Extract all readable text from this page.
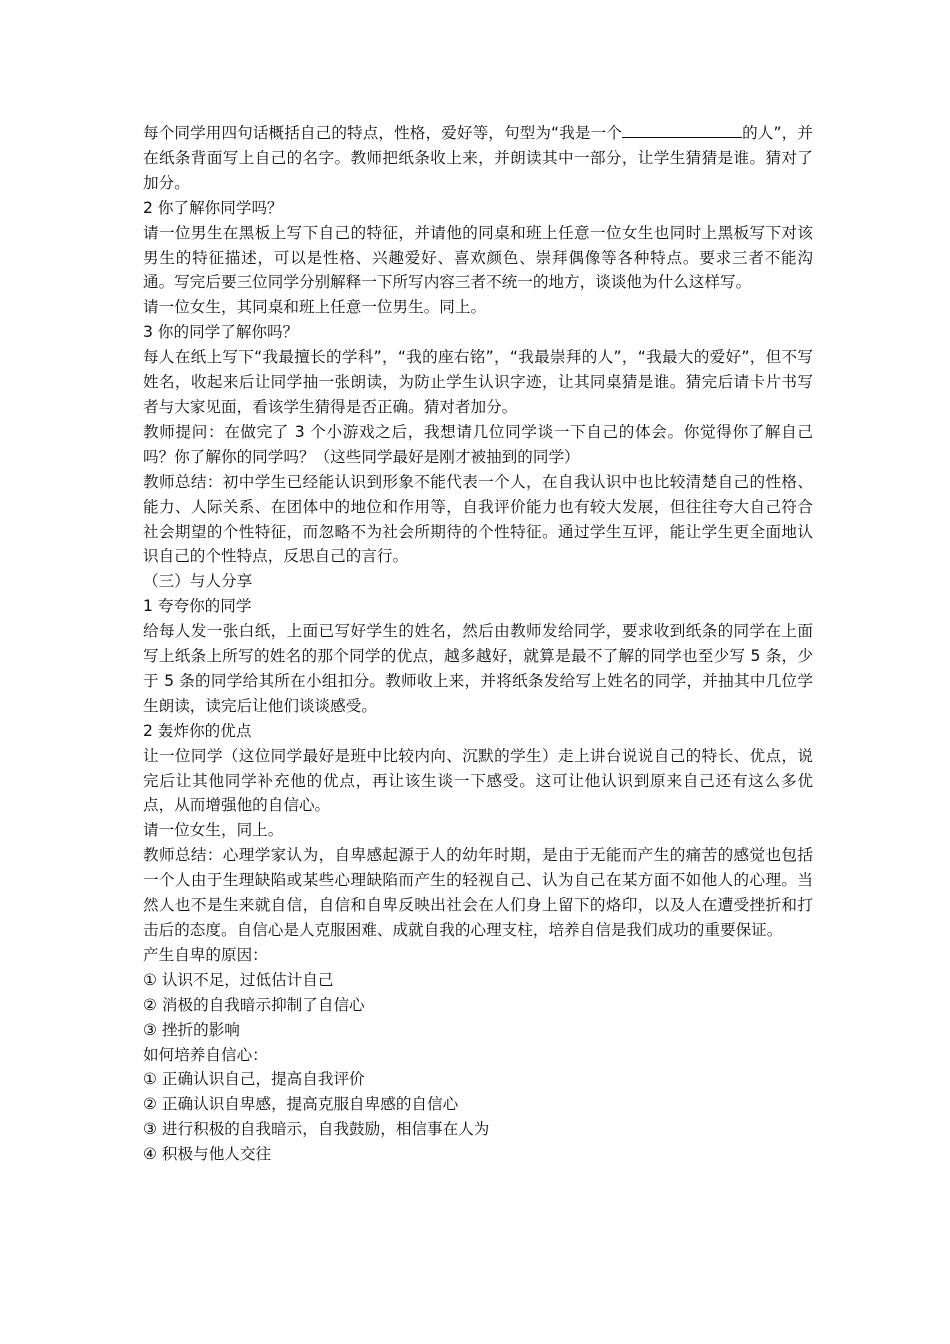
每个同学用四句话概括自己的特点，性格，爱好等，句型为“我是一个	的人”，并在纸条背面写上自己的名字。教师把纸条收上来，并朗读其中一部分，让学生猜猜是谁。猜对了加分。

2 你了解你同学吗？

请一位男生在黑板上写下自己的特征，并请他的同桌和班上任意一位女生也同时上黑板写下对该男生的特征描述，可以是性格、兴趣爱好、喜欢颜色、崇拜偶像等各种特点。要求三者不能沟通。写完后要三位同学分别解释一下所写内容三者不统一的地方，谈谈他为什么这样写。

请一位女生，其同桌和班上任意一位男生。同上。

3 你的同学了解你吗？

每人在纸上写下“我最擅长的学科”，“我的座右铭”，“我最崇拜的人”，“我最大的爱好”，但不写姓名，收起来后让同学抽一张朗读，为防止学生认识字迹，让其同桌猜是谁。猜完后请卡片书写者与大家见面，看该学生猜得是否正确。猜对者加分。

教师提问：在做完了 3 个小游戏之后，我想请几位同学谈一下自己的体会。你觉得你了解自己吗？你了解你的同学吗？（这些同学最好是刚才被抽到的同学）

教师总结：初中学生已经能认识到形象不能代表一个人，在自我认识中也比较清楚自己的性格、能力、人际关系、在团体中的地位和作用等，自我评价能力也有较大发展，但往往夸大自己符合社会期望的个性特征，而忽略不为社会所期待的个性特征。通过学生互评，能让学生更全面地认识自己的个性特点，反思自己的言行。

（三）与人分享

1 夸夸你的同学

给每人发一张白纸，上面已写好学生的姓名，然后由教师发给同学，要求收到纸条的同学在上面写上纸条上所写的姓名的那个同学的优点，越多越好，就算是最不了解的同学也至少写 5 条，少于 5 条的同学给其所在小组扣分。教师收上来，并将纸条发给写上姓名的同学，并抽其中几位学生朗读，读完后让他们谈谈感受。

2 轰炸你的优点

让一位同学（这位同学最好是班中比较内向、沉默的学生）走上讲台说说自己的特长、优点，说完后让其他同学补充他的优点，再让该生谈一下感受。这可让他认识到原来自己还有这么多优点，从而增强他的自信心。

请一位女生，同上。

教师总结：心理学家认为，自卑感起源于人的幼年时期，是由于无能而产生的痛苦的感觉也包括一个人由于生理缺陷或某些心理缺陷而产生的轻视自己、认为自己在某方面不如他人的心理。当然人也不是生来就自信，自信和自卑反映出社会在人们身上留下的烙印，以及人在遭受挫折和打击后的态度。自信心是人克服困难、成就自我的心理支柱，培养自信是我们成功的重要保证。

产生自卑的原因：

① 认识不足，过低估计自己

② 消极的自我暗示抑制了自信心

③ 挫折的影响

如何培养自信心：

① 正确认识自己，提高自我评价

② 正确认识自卑感，提高克服自卑感的自信心

③ 进行积极的自我暗示，自我鼓励，相信事在人为

④ 积极与他人交往
